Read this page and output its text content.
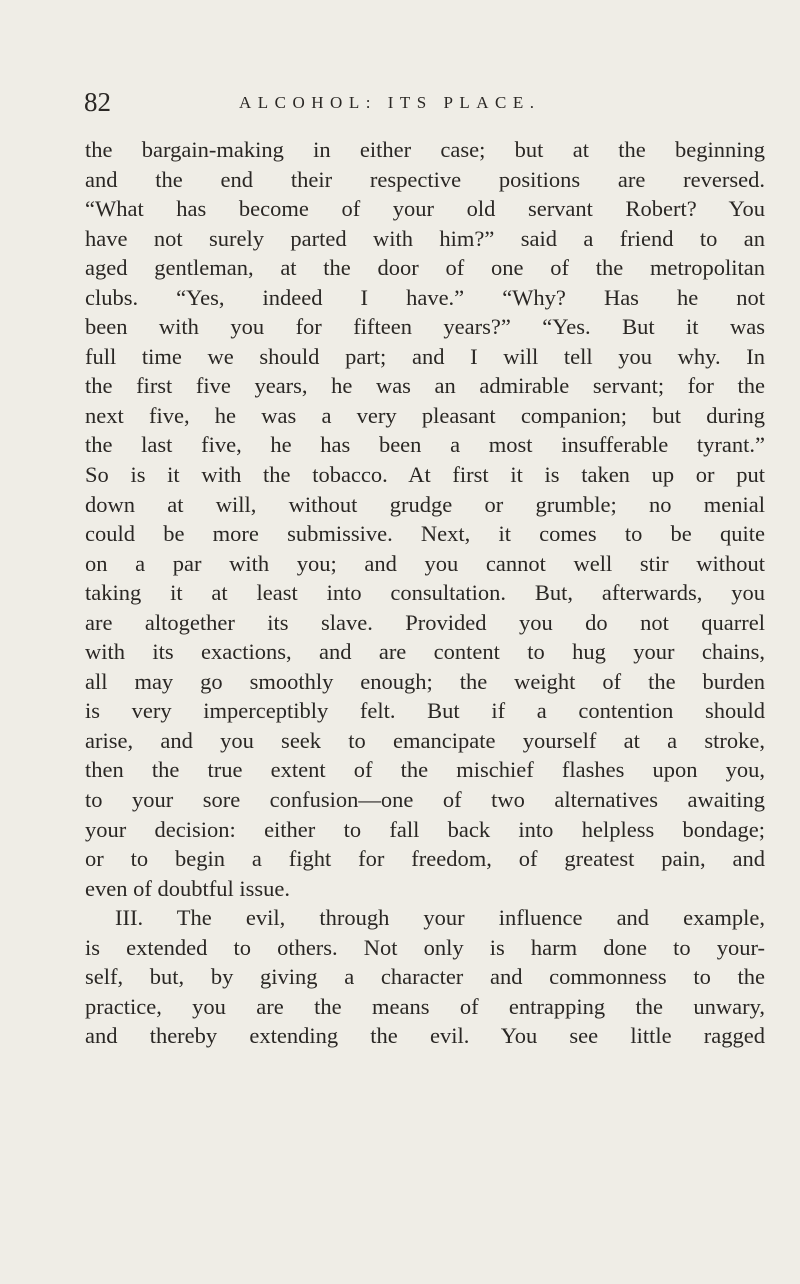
82	ALCOHOL: ITS PLACE.
the bargain-making in either case; but at the beginning
and the end their respective positions are reversed.
“What has become of your old servant Robert? You
have not surely parted with him?” said a friend to an
aged gentleman, at the door of one of the metropolitan
clubs. “Yes, indeed I have.” “Why? Has he not
been with you for fifteen years?” “Yes. But it was
full time we should part; and I will tell you why. In
the first five years, he was an admirable servant; for the
next five, he was a very pleasant companion; but during
the last five, he has been a most insufferable tyrant.”
So is it with the tobacco. At first it is taken up or put
down at will, without grudge or grumble; no menial
could be more submissive. Next, it comes to be quite
on a par with you; and you cannot well stir without
taking it at least into consultation. But, afterwards, you
are altogether its slave. Provided you do not quarrel
with its exactions, and are content to hug your chains,
all may go smoothly enough; the weight of the burden
is very imperceptibly felt. But if a contention should
arise, and you seek to emancipate yourself at a stroke,
then the true extent of the mischief flashes upon you,
to your sore confusion—one of two alternatives awaiting
your decision: either to fall back into helpless bondage;
or to begin a fight for freedom, of greatest pain, and
even of doubtful issue.
III. The evil, through your influence and example,
is extended to others. Not only is harm done to your-
self, but, by giving a character and commonness to the
practice, you are the means of entrapping the unwary,
and thereby extending the evil. You see little ragged
